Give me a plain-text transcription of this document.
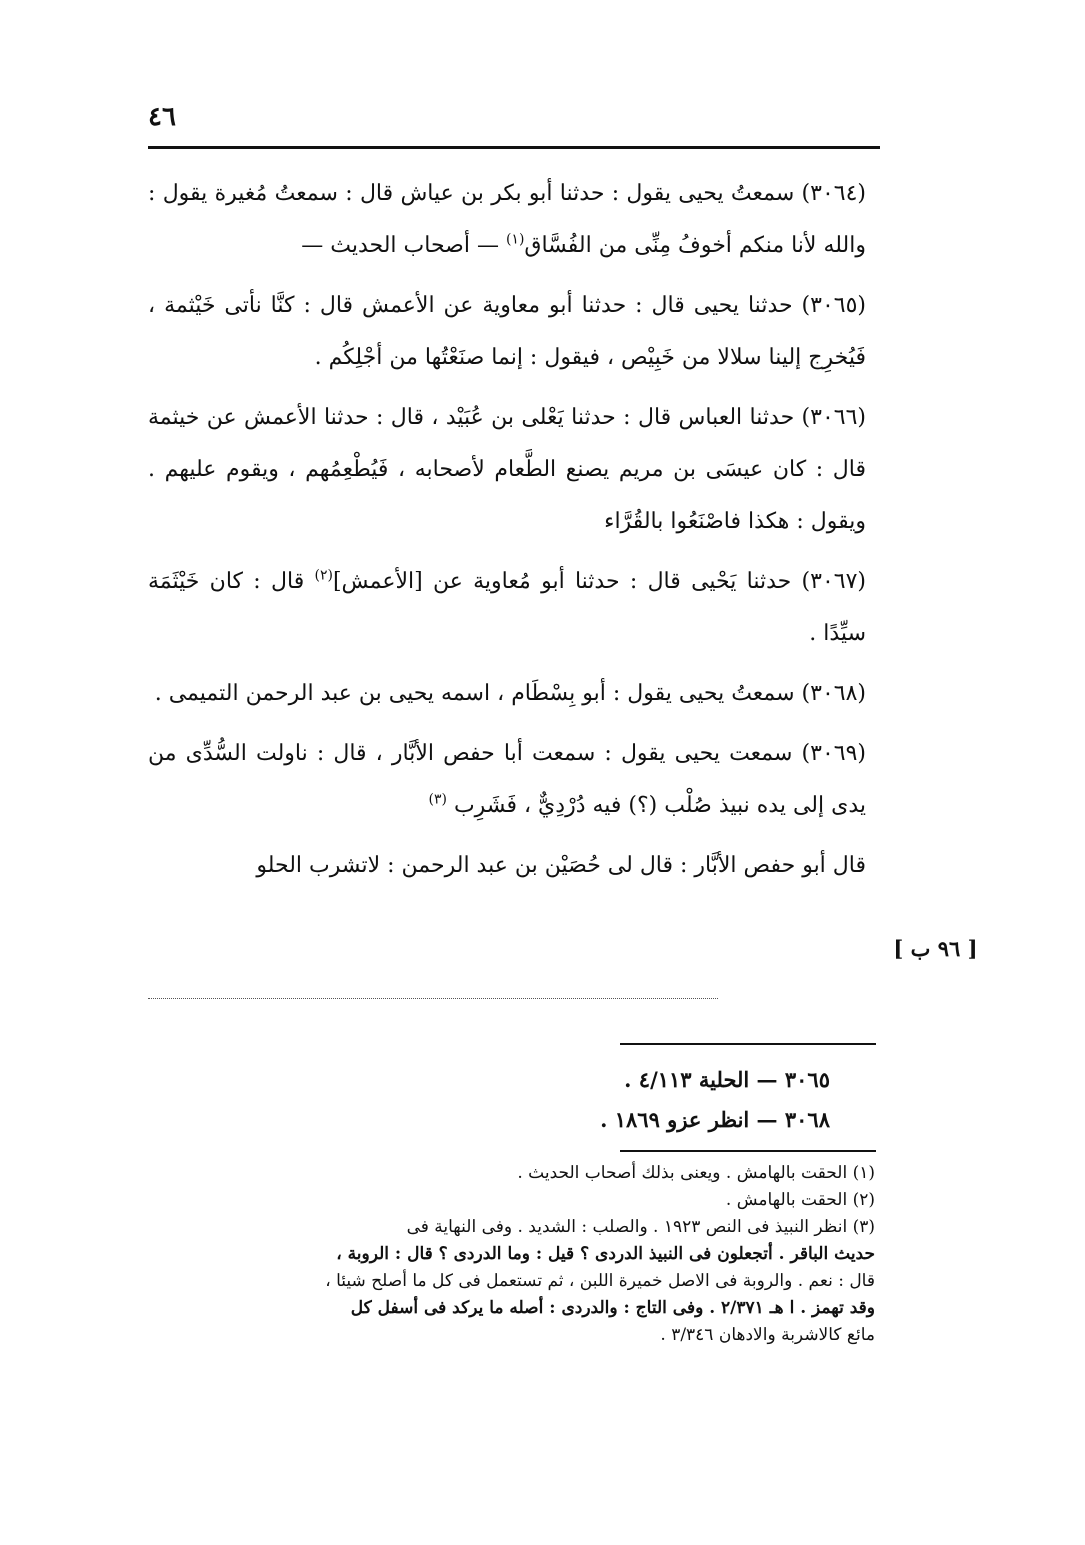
٤٦

(٣٠٦٤) سمعتُ يحيى يقول : حدثنا أبو بكر بن عياش قال : سمعتُ مُغيرة يقول : والله لأنا منكم أخوفُ مِنِّى من الفُسَّاق$^{(١)}$ — أصحاب الحديث —

(٣٠٦٥) حدثنا يحيى قال : حدثنا أبو معاوية عن الأعمش قال : كنَّا نأتى خَيْثمة ، فَيُخرِج إلينا سلالا من خَبِيْص ، فيقول : إنما صنَعْتُها من أجْلِكُم .

(٣٠٦٦) حدثنا العباس قال : حدثنا يَعْلى بن عُبَيْد ، قال : حدثنا الأعمش عن خيثمة قال : كان عيسَى بن مريم يصنع الطَّعام لأصحابه ، فَيُطْعِمُهم ، ويقوم عليهم . ويقول : هكذا فاصْنَعُوا بالقُرَّاء

(٣٠٦٧) حدثنا يَحْيى قال : حدثنا أبو مُعاوية عن [الأعمش]$^{(٢)}$ قال : كان خَيْثَمَة سيِّدًا .

(٣٠٦٨) سمعتُ يحيى يقول : أبو بِسْطَام ، اسمه يحيى بن عبد الرحمن التميمى .

(٣٠٦٩) سمعت يحيى يقول : سمعت أبا حفص الأبَّار ، قال : ناولت السُّدِّى من يدى إلى يده نبيذ صُلْب (؟) فيه دُرْدِيٌّ ، فَشَرِب $^{(٣)}$

قال أبو حفص الأبَّار : قال لى حُصَيْن بن عبد الرحمن : لاتشرب الحلو

[ ٩٦ ب ]
٣٠٦٥ — الحلية ٤/١١٣ .
٣٠٦٨ — انظر عزو ١٨٦٩ .
(١) الحقت بالهامش . ويعنى بذلك أصحاب الحديث .
(٢) الحقت بالهامش .
(٣) انظر النبيذ فى النص ١٩٢٣ . والصلب : الشديد . وفى النهاية فى
حديث الباقر . أتجعلون فى النبيذ الدردى ؟ قيل : وما الدردى ؟ قال : الروبة ،
قال : نعم . والروبة فى الاصل خميرة اللبن ، ثم تستعمل فى كل ما أصلح شيئا ،
وقد تهمز . ا هـ ٢/٣٧١ . وفى التاج : والدردى : أصله ما يركد فى أسفل كل
مائع كالاشربة والادهان ٣/٣٤٦ .
